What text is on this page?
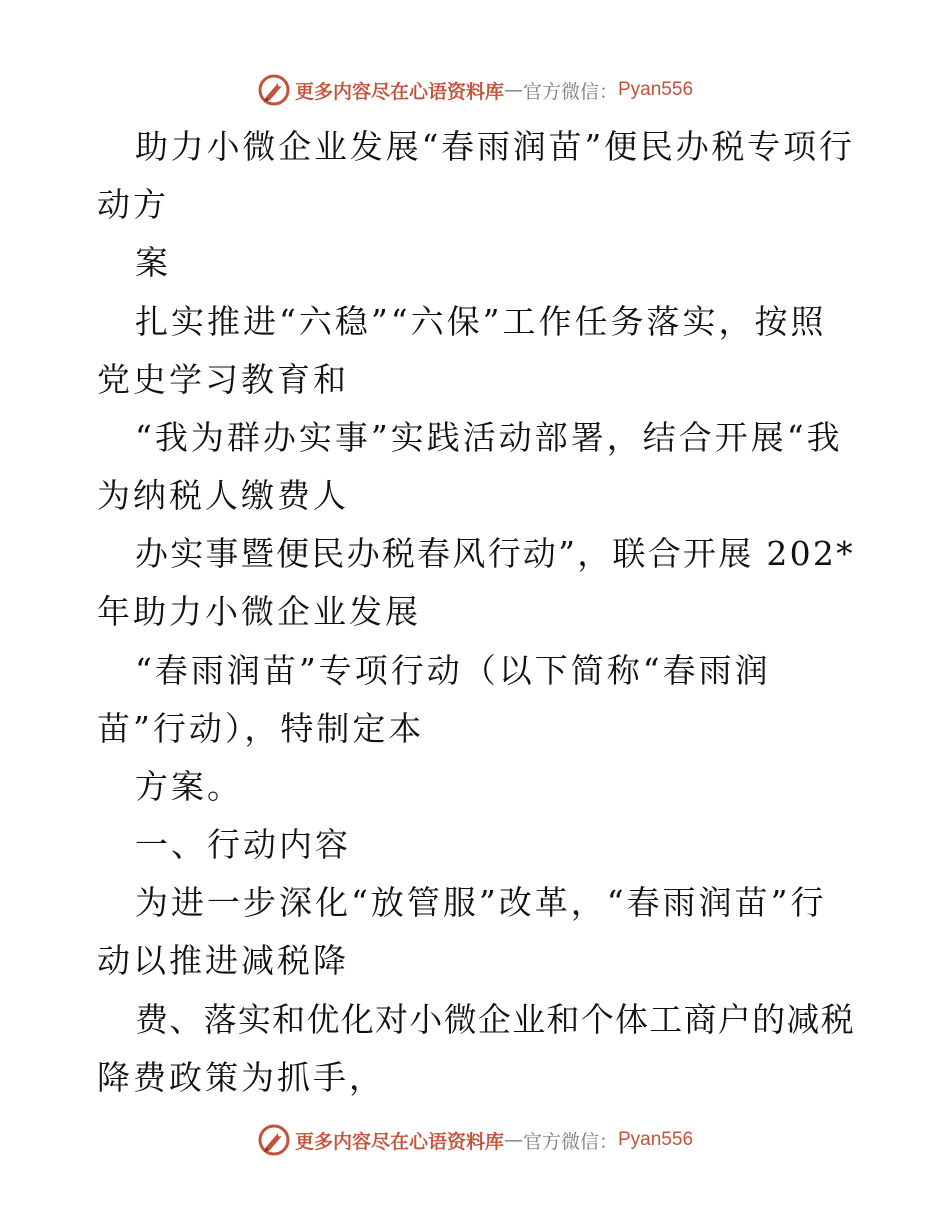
更多内容尽在心语资料库 — 官方微信： Pyan556
助力小微企业发展“春雨润苗”便民办税专项行
动方
案
扎实推进“六稳”“六保”工作任务落实，按照
党史学习教育和
“我为群办实事”实践活动部署，结合开展“我
为纳税人缴费人
办实事暨便民办税春风行动”，联合开展 202*
年助力小微企业发展
“春雨润苗”专项行动（以下简称“春雨润
苗”行动），特制定本
方案。
一、行动内容
为进一步深化“放管服”改革，“春雨润苗”行
动以推进减税降
费、落实和优化对小微企业和个体工商户的减税
降费政策为抓手，
更多内容尽在心语资料库 — 官方微信： Pyan556
